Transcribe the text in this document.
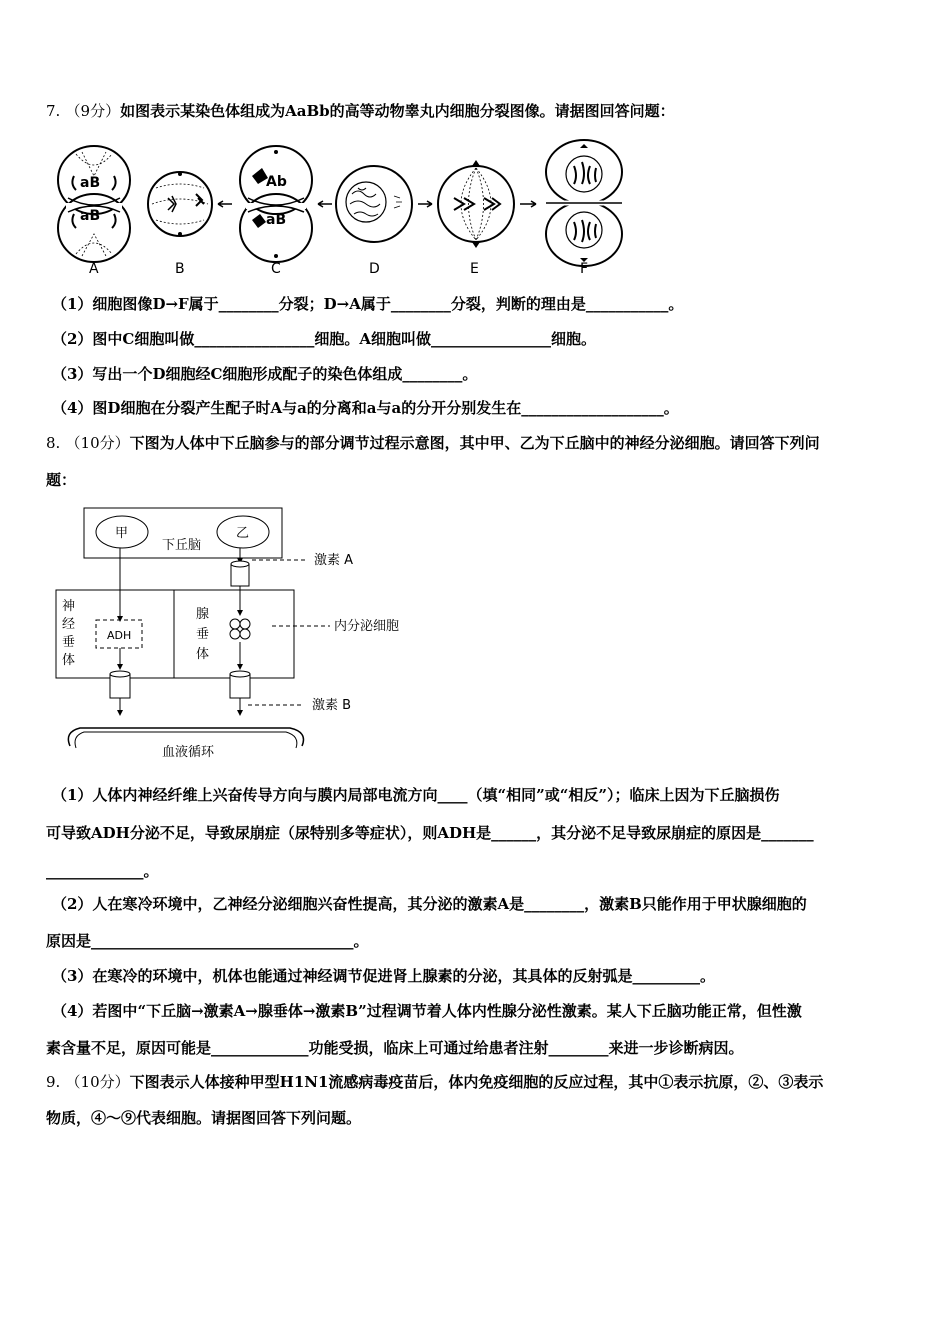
7. （9分）如图表示某染色体组成为AaBb的高等动物睾丸内细胞分裂图像。请据图回答问题：
aB
aB
Ab
aB
A	B	C	D	E	F
（1）细胞图像D→F属于________分裂；D→A属于________分裂，判断的理由是___________。
（2）图中C细胞叫做________________细胞。A细胞叫做________________细胞。
（3）写出一个D细胞经C细胞形成配子的染色体组成________。
（4）图D细胞在分裂产生配子时A与a的分离和a与a的分开分别发生在___________________。
8. （10分）下图为人体中下丘脑参与的部分调节过程示意图，其中甲、乙为下丘脑中的神经分泌细胞。请回答下列问
题：
甲	乙
下丘脑
激素 A
神
经
垂
体
ADH
腺
垂
体
内分泌细胞
激素 B
血液循环
（1）人体内神经纤维上兴奋传导方向与膜内局部电流方向____（填“相同”或“相反”）；临床上因为下丘脑损伤
可导致ADH分泌不足，导致尿崩症（尿特别多等症状），则ADH是______，其分泌不足导致尿崩症的原因是_______
_____________。
（2）人在寒冷环境中，乙神经分泌细胞兴奋性提高，其分泌的激素A是________，激素B只能作用于甲状腺细胞的
原因是___________________________________。
（3）在寒冷的环境中，机体也能通过神经调节促进肾上腺素的分泌，其具体的反射弧是_________。
（4）若图中“下丘脑→激素A→腺垂体→激素B”过程调节着人体内性腺分泌性激素。某人下丘脑功能正常，但性激
素含量不足，原因可能是_____________功能受损，临床上可通过给患者注射________来进一步诊断病因。
9. （10分）下图表示人体接种甲型H1N1流感病毒疫苗后，体内免疫细胞的反应过程，其中①表示抗原，②、③表示
物质，④～⑨代表细胞。请据图回答下列问题。
